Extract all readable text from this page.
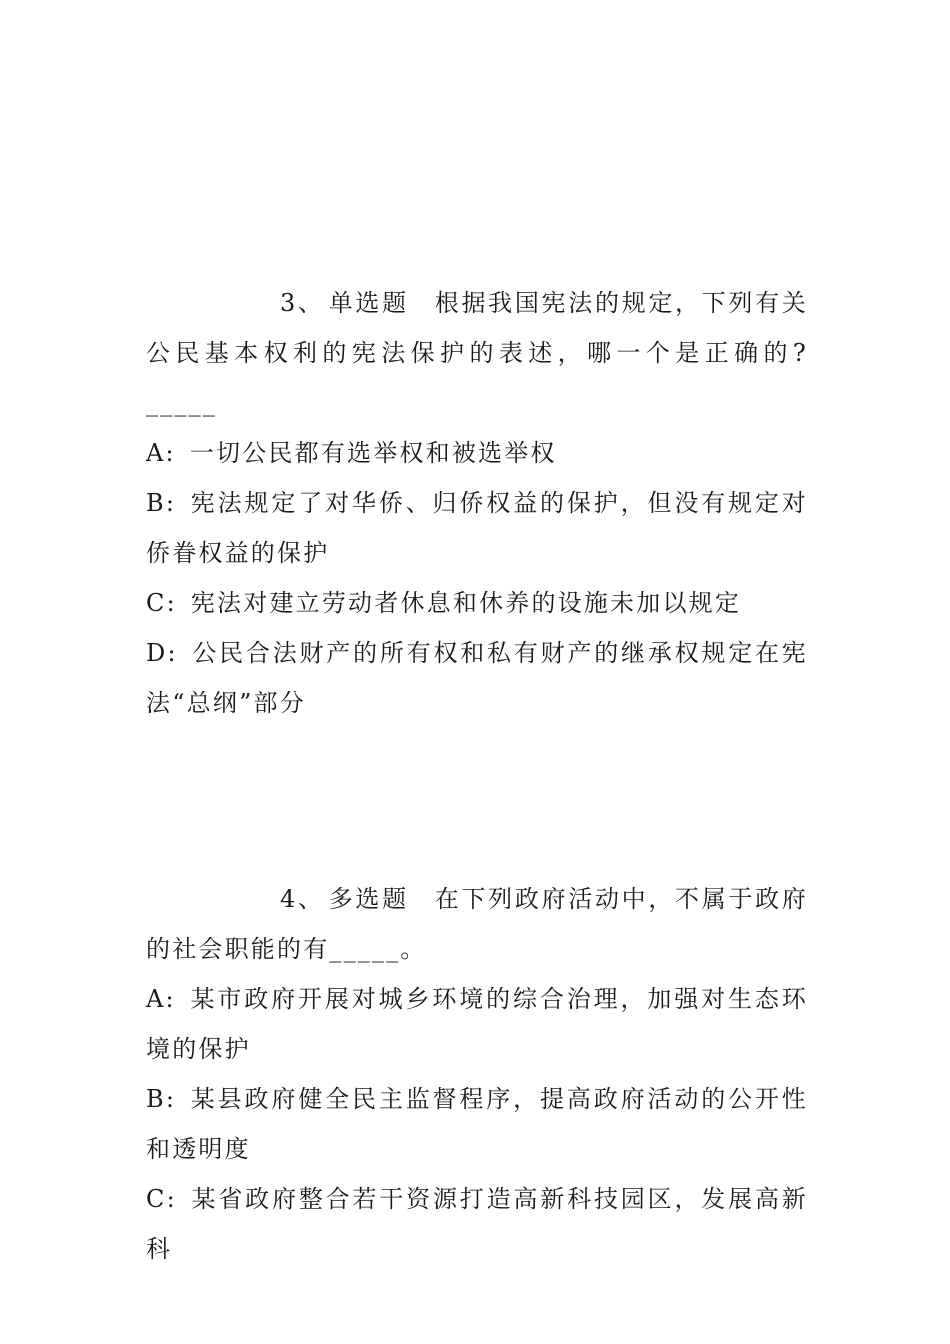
3、 单选题 根据我国宪法的规定，下列有关公民基本权利的宪法保护的表述，哪一个是正确的?_____

A: 一切公民都有选举权和被选举权

B: 宪法规定了对华侨、归侨权益的保护，但没有规定对侨眷权益的保护

C: 宪法对建立劳动者休息和休养的设施未加以规定

D: 公民合法财产的所有权和私有财产的继承权规定在宪法“总纲”部分

4、 多选题 在下列政府活动中，不属于政府的社会职能的有_____。

A: 某市政府开展对城乡环境的综合治理，加强对生态环境的保护

B: 某县政府健全民主监督程序，提高政府活动的公开性和透明度

C: 某省政府整合若干资源打造高新科技园区，发展高新科
